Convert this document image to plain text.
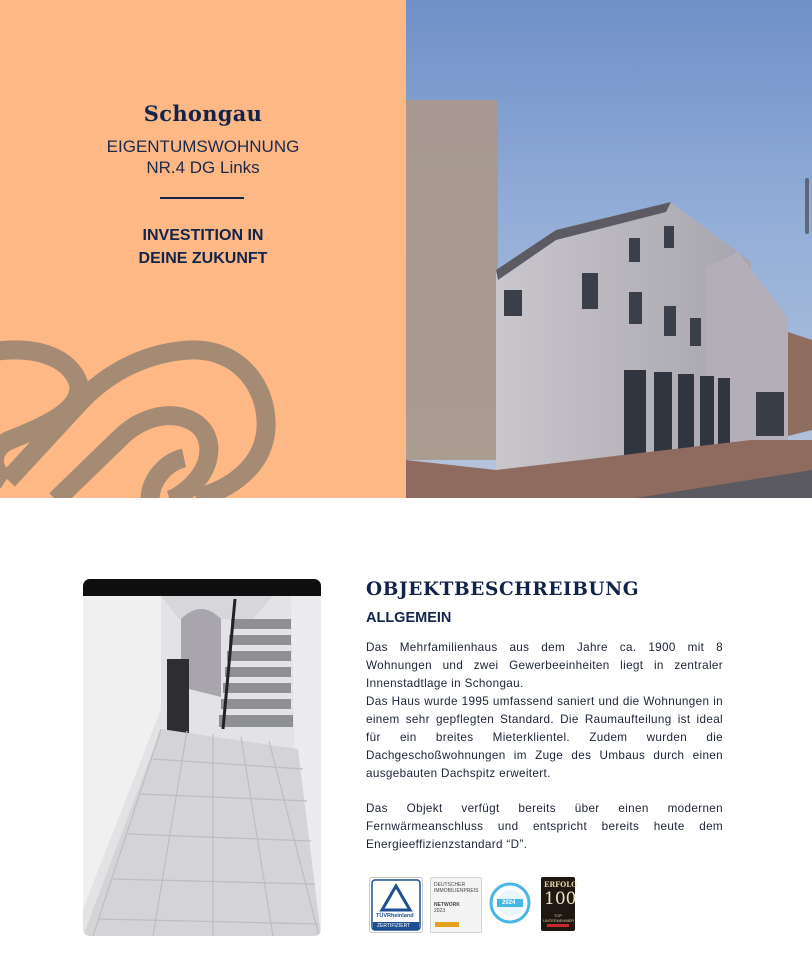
Schongau
EIGENTUMSWOHNUNG
NR.4 DG Links
INVESTITION IN
DEINE ZUKUNFT
OBJEKTBESCHREIBUNG
ALLGEMEIN

Das Mehrfamilienhaus aus dem Jahre ca. 1900 mit 8 Wohnungen und zwei Gewerbeeinheiten liegt in zentraler Innenstadtlage in Schongau.

Das Haus wurde 1995 umfassend saniert und die Wohnungen in einem sehr gepflegten Standard. Die Raumaufteilung ist ideal für ein breites Mieterklientel. Zudem wurden die Dachgeschoßwohnungen im Zuge des Umbaus durch einen ausgebauten Dachspitz erweitert.

Das Objekt verfügt bereits über einen modernen Fernwärmeanschluss und entspricht bereits heute dem Energieeffizienzstandard “D”.

TÜVRheinland
ZERTIFIZIERT
DEUTSCHER
IMMOBILIENPREIS
NETWORK
2023
2024
ERFOLG
100
TOP UNTERNEHMER
